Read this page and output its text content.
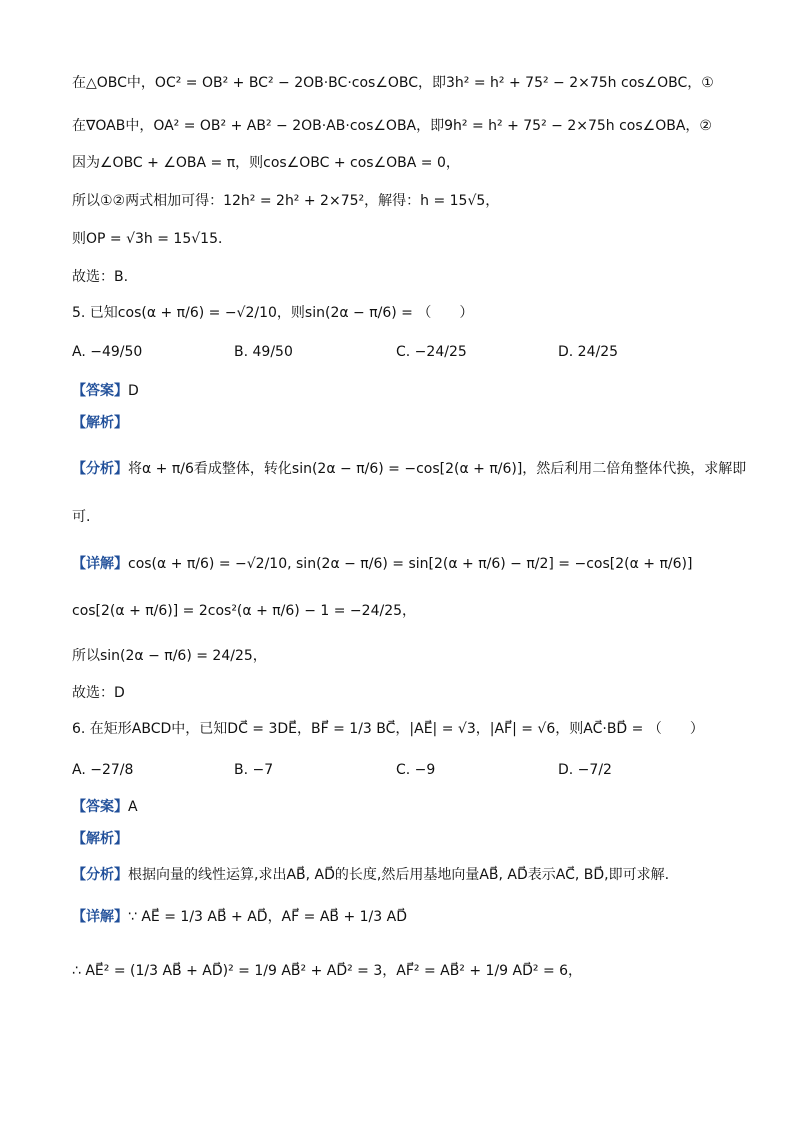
在△OBC中，OC² = OB² + BC² − 2OB·BC·cos∠OBC，即3h² = h² + 75² − 2×75h cos∠OBC，①
在∇OAB中，OA² = OB² + AB² − 2OB·AB·cos∠OBA，即9h² = h² + 75² − 2×75h cos∠OBA，②
因为∠OBC + ∠OBA = π，则cos∠OBC + cos∠OBA = 0，
所以①②两式相加可得：12h² = 2h² + 2×75²，解得：h = 15√5，
则OP = √3h = 15√15．
故选：B.
5. 已知cos(α + π/6) = −√2/10，则sin(2α − π/6) = （　　）
A. −49/50	B. 49/50	C. −24/25	D. 24/25
【答案】D
【解析】
【分析】将α + π/6看成整体，转化sin(2α − π/6) = −cos[2(α + π/6)]，然后利用二倍角整体代换，求解即
可.
【详解】cos(α + π/6) = −√2/10, sin(2α − π/6) = sin[2(α + π/6) − π/2] = −cos[2(α + π/6)]
cos[2(α + π/6)] = 2cos²(α + π/6) − 1 = −24/25，
所以sin(2α − π/6) = 24/25，
故选：D
6. 在矩形ABCD中，已知DC⃗ = 3DE⃗，BF⃗ = 1/3 BC⃗，|AE⃗| = √3，|AF⃗| = √6，则AC⃗·BD⃗ = （　　）
A. −27/8	B. −7	C. −9	D. −7/2
【答案】A
【解析】
【分析】根据向量的线性运算,求出AB⃗, AD⃗的长度,然后用基地向量AB⃗, AD⃗表示AC⃗, BD⃗,即可求解.
【详解】∵ AE⃗ = 1/3 AB⃗ + AD⃗，AF⃗ = AB⃗ + 1/3 AD⃗
∴ AE⃗² = (1/3 AB⃗ + AD⃗)² = 1/9 AB⃗² + AD⃗² = 3，AF⃗² = AB⃗² + 1/9 AD⃗² = 6，
